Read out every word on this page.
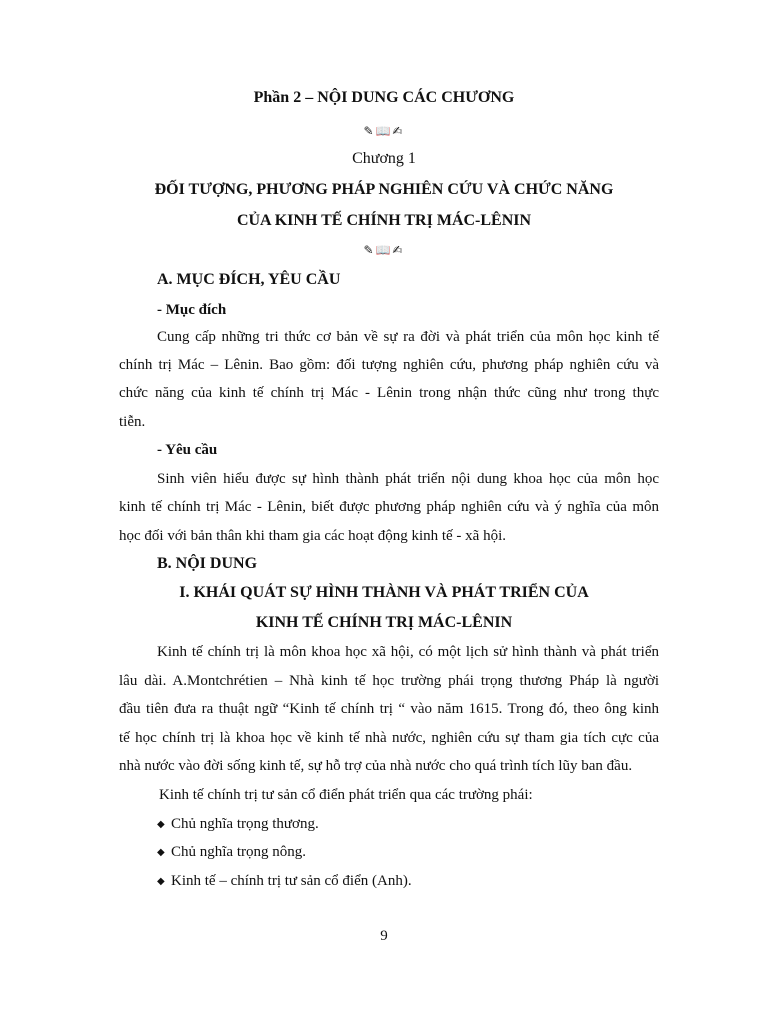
Phần 2 – NỘI DUNG CÁC CHƯƠNG
✎📖✍
Chương 1
ĐỐI TƯỢNG, PHƯƠNG PHÁP NGHIÊN CỨU VÀ CHỨC NĂNG
CỦA KINH TẾ CHÍNH TRỊ MÁC-LÊNIN
✎📖✍
A. MỤC ĐÍCH, YÊU CẦU
- Mục đích
Cung cấp những tri thức cơ bản về sự ra đời và phát triển của môn học kinh tế
chính trị Mác – Lênin. Bao gồm: đối tượng nghiên cứu, phương pháp nghiên cứu và
chức năng của kinh tế chính trị Mác - Lênin trong nhận thức cũng như trong thực
tiễn.
- Yêu cầu
Sinh viên hiểu được sự hình thành phát triển nội dung khoa học của môn học
kinh tế chính trị Mác - Lênin, biết được phương pháp nghiên cứu và ý nghĩa của môn
học đối với bản thân khi tham gia các hoạt động kinh tế - xã hội.
B. NỘI DUNG
I. KHÁI QUÁT SỰ HÌNH THÀNH VÀ PHÁT TRIỂN CỦA
KINH TẾ CHÍNH TRỊ MÁC-LÊNIN
Kinh tế chính trị là môn khoa học xã hội, có một lịch sử hình thành và phát triển
lâu dài. A.Montchrétien – Nhà kinh tế học trường phái trọng thương Pháp là người
đầu tiên đưa ra thuật ngữ “Kinh tế chính trị “ vào năm 1615. Trong đó, theo ông kinh
tế học chính trị là khoa học về kinh tế nhà nước, nghiên cứu sự tham gia tích cực của
nhà nước vào đời sống kinh tế, sự hỗ trợ của nhà nước cho quá trình tích lũy ban đầu.
Kinh tế chính trị tư sản cổ điển phát triển qua các trường phái:
◆ Chủ nghĩa trọng thương.
◆ Chủ nghĩa trọng nông.
◆ Kinh tế – chính trị tư sản cổ điển (Anh).
9
